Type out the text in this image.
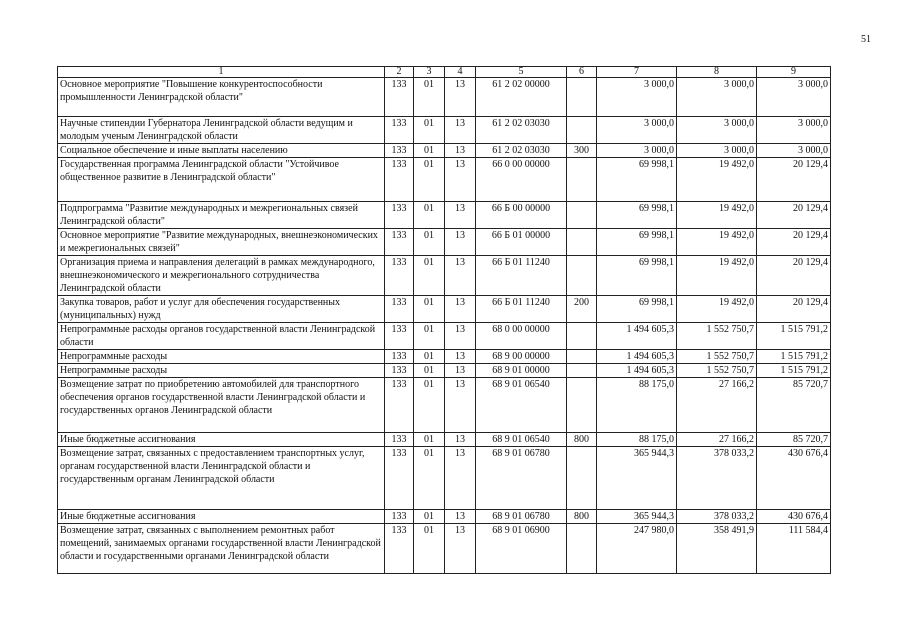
51
1	2	3	4	5	6	7	8	9
Основное мероприятие "Повышение конкурентоспособности промышленности Ленинградской области"	133	01	13	61 2 02 00000		3 000,0	3 000,0	3 000,0
Научные стипендии Губернатора Ленинградской области ведущим и молодым ученым Ленинградской области	133	01	13	61 2 02 03030		3 000,0	3 000,0	3 000,0
Социальное обеспечение и иные выплаты населению	133	01	13	61 2 02 03030	300	3 000,0	3 000,0	3 000,0
Государственная программа Ленинградской области "Устойчивое общественное развитие в Ленинградской области"	133	01	13	66 0 00 00000		69 998,1	19 492,0	20 129,4
Подпрограмма "Развитие международных и межрегиональных связей Ленинградской области"	133	01	13	66 Б 00 00000		69 998,1	19 492,0	20 129,4
Основное мероприятие "Развитие международных, внешнеэкономических и межрегиональных связей"	133	01	13	66 Б 01 00000		69 998,1	19 492,0	20 129,4
Организация приема и направления делегаций в рамках международного, внешнеэкономического и межрегионального сотрудничества Ленинградской области	133	01	13	66 Б 01 11240		69 998,1	19 492,0	20 129,4
Закупка товаров, работ и услуг для обеспечения государственных (муниципальных) нужд	133	01	13	66 Б 01 11240	200	69 998,1	19 492,0	20 129,4
Непрограммные расходы органов государственной власти Ленинградской области	133	01	13	68 0 00 00000		1 494 605,3	1 552 750,7	1 515 791,2
Непрограммные расходы	133	01	13	68 9 00 00000		1 494 605,3	1 552 750,7	1 515 791,2
Непрограммные расходы	133	01	13	68 9 01 00000		1 494 605,3	1 552 750,7	1 515 791,2
Возмещение затрат по приобретению автомобилей для транспортного обеспечения органов государственной власти Ленинградской области и государственных органов Ленинградской области	133	01	13	68 9 01 06540		88 175,0	27 166,2	85 720,7
Иные бюджетные ассигнования	133	01	13	68 9 01 06540	800	88 175,0	27 166,2	85 720,7
Возмещение затрат, связанных с предоставлением транспортных услуг, органам государственной власти Ленинградской области и государственным органам Ленинградской области	133	01	13	68 9 01 06780		365 944,3	378 033,2	430 676,4
Иные бюджетные ассигнования	133	01	13	68 9 01 06780	800	365 944,3	378 033,2	430 676,4
Возмещение затрат, связанных с выполнением ремонтных работ помещений, занимаемых органами государственной власти Ленинградской области и государственными органами Ленинградской области	133	01	13	68 9 01 06900		247 980,0	358 491,9	111 584,4
